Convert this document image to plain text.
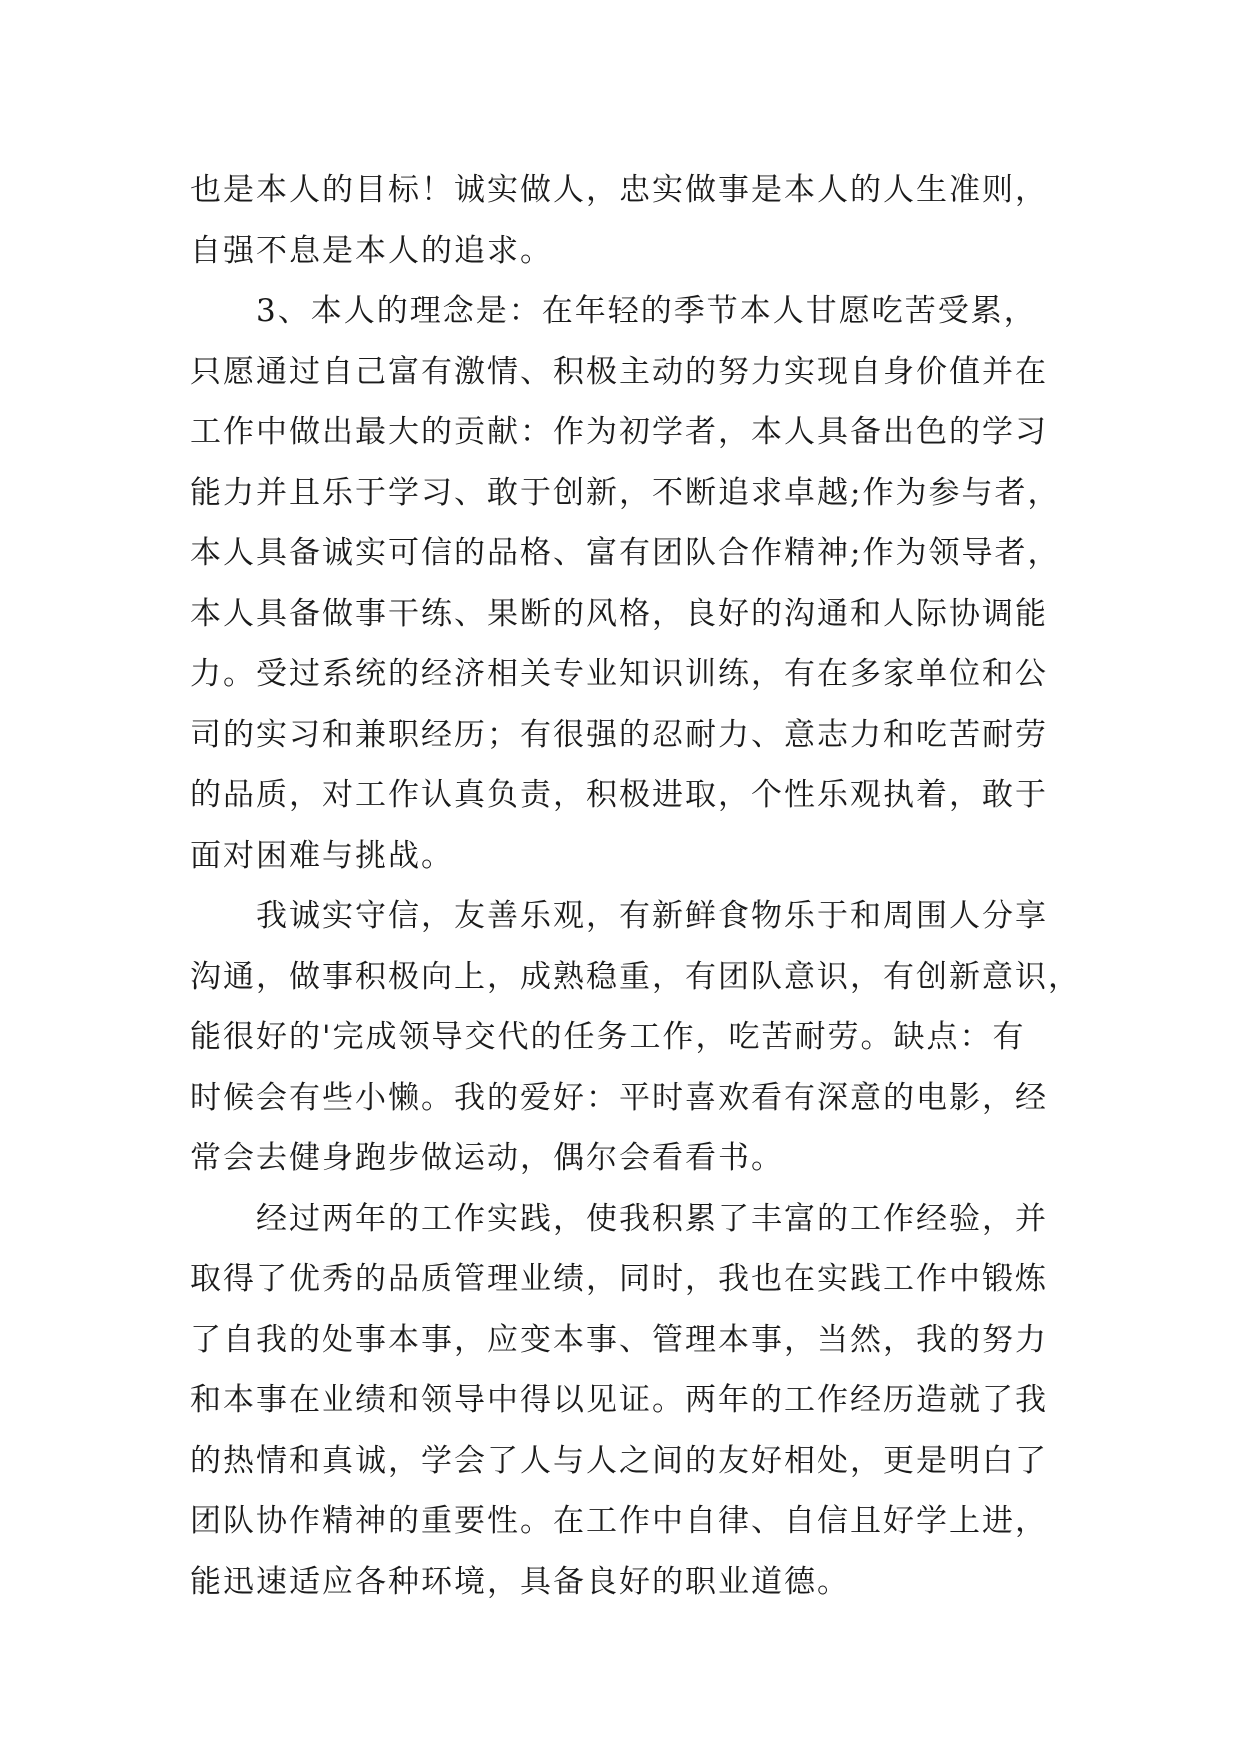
也是本人的目标！诚实做人，忠实做事是本人的人生准则，
自强不息是本人的追求。
　　3、本人的理念是：在年轻的季节本人甘愿吃苦受累，
只愿通过自己富有激情、积极主动的努力实现自身价值并在
工作中做出最大的贡献：作为初学者，本人具备出色的学习
能力并且乐于学习、敢于创新，不断追求卓越;作为参与者，
本人具备诚实可信的品格、富有团队合作精神;作为领导者，
本人具备做事干练、果断的风格，良好的沟通和人际协调能
力。受过系统的经济相关专业知识训练，有在多家单位和公
司的实习和兼职经历；有很强的忍耐力、意志力和吃苦耐劳
的品质，对工作认真负责，积极进取，个性乐观执着，敢于
面对困难与挑战。
　　我诚实守信，友善乐观，有新鲜食物乐于和周围人分享
沟通，做事积极向上，成熟稳重，有团队意识，有创新意识，
能很好的'完成领导交代的任务工作，吃苦耐劳。缺点：有
时候会有些小懒。我的爱好：平时喜欢看有深意的电影，经
常会去健身跑步做运动，偶尔会看看书。
　　经过两年的工作实践，使我积累了丰富的工作经验，并
取得了优秀的品质管理业绩，同时，我也在实践工作中锻炼
了自我的处事本事，应变本事、管理本事，当然，我的努力
和本事在业绩和领导中得以见证。两年的工作经历造就了我
的热情和真诚，学会了人与人之间的友好相处，更是明白了
团队协作精神的重要性。在工作中自律、自信且好学上进，
能迅速适应各种环境，具备良好的职业道德。
